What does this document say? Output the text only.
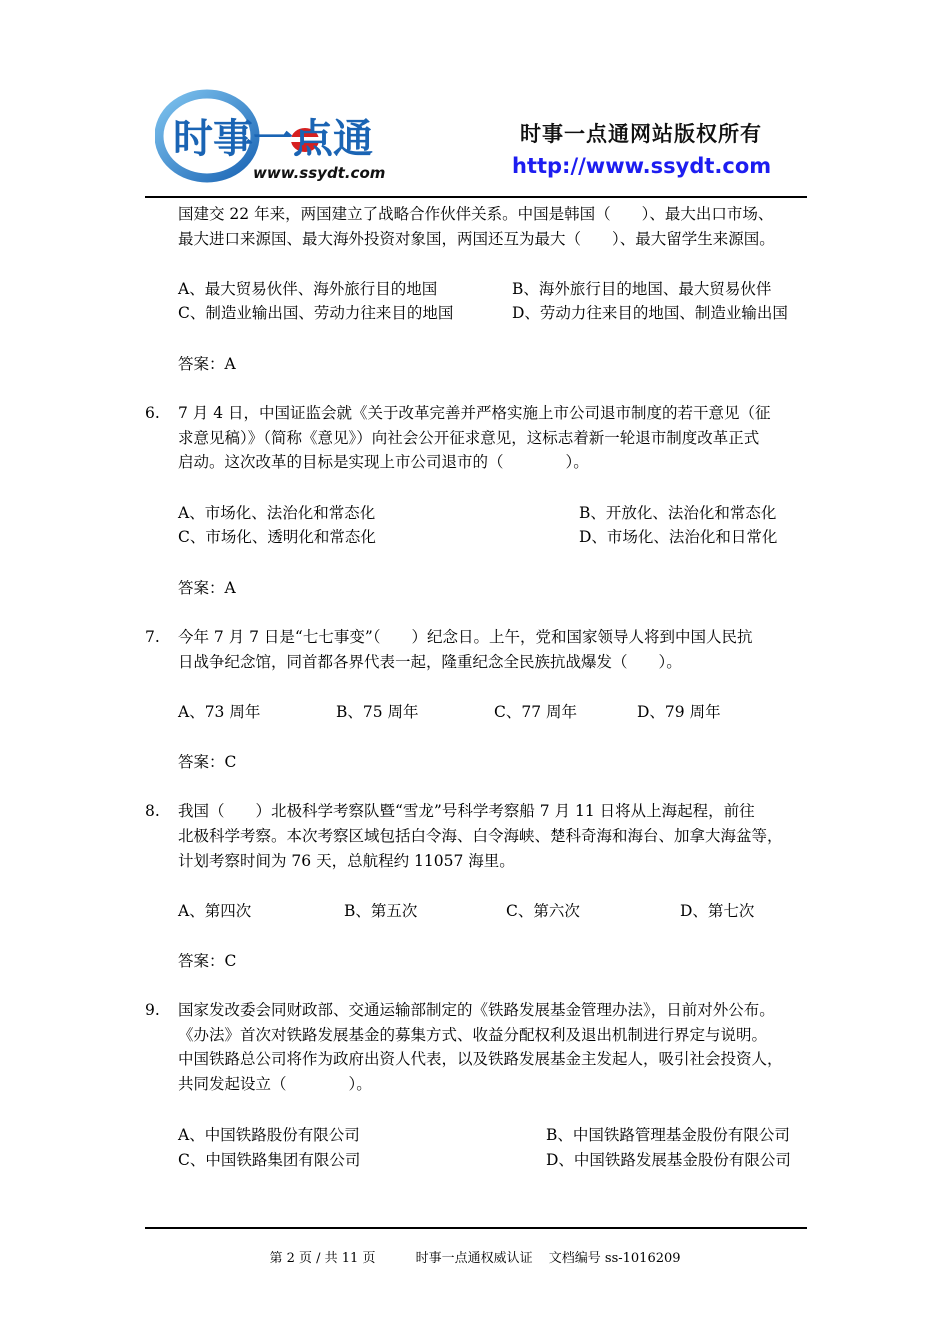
时事一点通
www.ssydt.com
时事一点通网站版权所有
http://www.ssydt.com
国建交 22 年来，两国建立了战略合作伙伴关系。中国是韩国（　　）、最大出口市场、
最大进口来源国、最大海外投资对象国，两国还互为最大（　　）、最大留学生来源国。
A、最大贸易伙伴、海外旅行目的地国	B、海外旅行目的地国、最大贸易伙伴
C、制造业输出国、劳动力往来目的地国	D、劳动力往来目的地国、制造业输出国
答案：A
6. 7 月 4 日，中国证监会就《关于改革完善并严格实施上市公司退市制度的若干意见（征
求意见稿）》（简称《意见》）向社会公开征求意见，这标志着新一轮退市制度改革正式
启动。这次改革的目标是实现上市公司退市的（　　　　）。
A、市场化、法治化和常态化	B、开放化、法治化和常态化
C、市场化、透明化和常态化	D、市场化、法治化和日常化
答案：A
7. 今年 7 月 7 日是“七七事变”（　　）纪念日。上午，党和国家领导人将到中国人民抗
日战争纪念馆，同首都各界代表一起，隆重纪念全民族抗战爆发（　　）。
A、73 周年	B、75 周年	C、77 周年	D、79 周年
答案：C
8. 我国（　　）北极科学考察队暨“雪龙”号科学考察船 7 月 11 日将从上海起程，前往
北极科学考察。本次考察区域包括白令海、白令海峡、楚科奇海和海台、加拿大海盆等，
计划考察时间为 76 天，总航程约 11057 海里。
A、第四次	B、第五次	C、第六次	D、第七次
答案：C
9. 国家发改委会同财政部、交通运输部制定的《铁路发展基金管理办法》，日前对外公布。
《办法》首次对铁路发展基金的募集方式、收益分配权利及退出机制进行界定与说明。
中国铁路总公司将作为政府出资人代表，以及铁路发展基金主发起人，吸引社会投资人，
共同发起设立（　　　　）。
A、中国铁路股份有限公司	B、中国铁路管理基金股份有限公司
C、中国铁路集团有限公司	D、中国铁路发展基金股份有限公司
第 2 页 / 共 11 页	时事一点通权威认证 文档编号 ss-1016209
